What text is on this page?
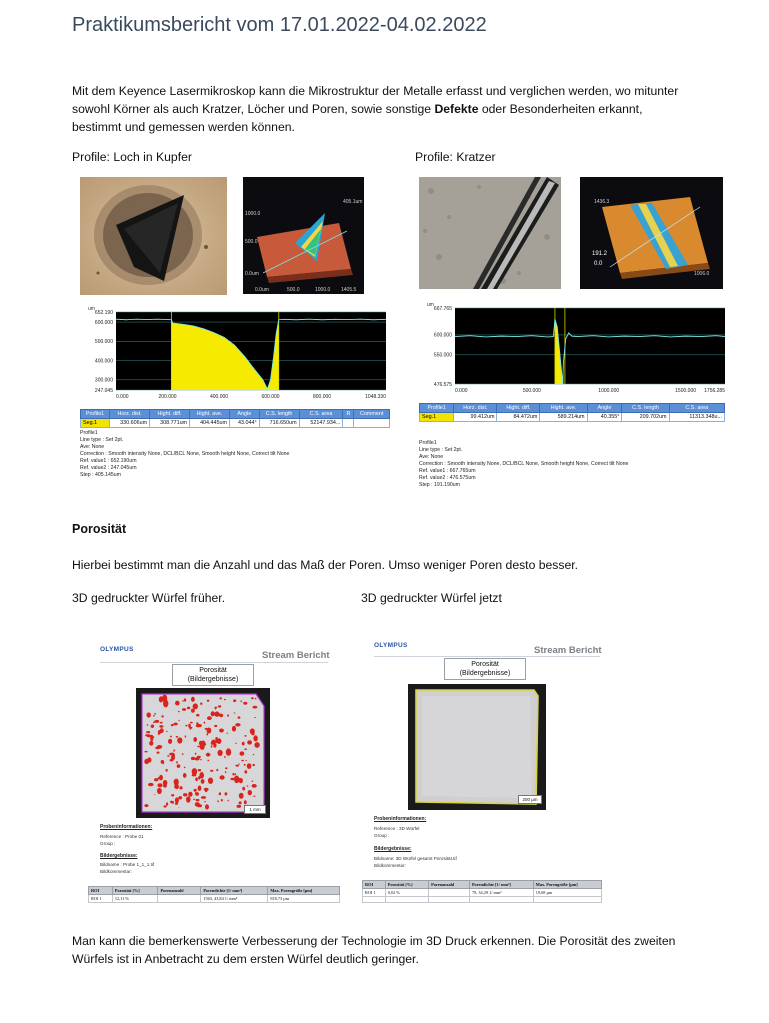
Praktikumsbericht vom 17.01.2022-04.02.2022
Mit dem Keyence Lasermikroskop kann die Mikrostruktur der Metalle erfasst und verglichen werden, wo mitunter sowohl Körner als auch Kratzer, Löcher und Poren, sowie sonstige Defekte oder Besonderheiten erkannt, bestimmt und gemessen werden können.
Profile: Loch in Kupfer	Profile: Kratzer
1000.0
500.0
0.0um
0.0um	500.0	1000.0 1405.5
405.1um
um
652.190
600.000
500.000
400.000
300.000
247.045
0.000	200.000	400.000	600.000	800.000	1048.330
Profile1	Horz. dist.	Hight. diff.	Hight. ave.	Angle	C.S. length	C.S. area	R	Comment
Seg.1	330.606um	308.771um	404.445um	43.044°	716.650um	52147.934...		
Profile1
Line type : Set 2pt.
Ave: None
Correction : Smooth intensity None, DCL/BCL None, Smooth height None, Correct tilt None
Ref. value1 : 652.190um
Ref. value2 : 247.045um
Step : 405.145um
1436.3
191.2
0.0
1006.0
um
667.765
600.000
550.000
476.575
0.000	500.000	1000.000	1500.000 1756.285
Profile1	Horz. dist.	Hight. diff.	Hight. ave.	Angle	C.S. length	C.S. area
Seg.1	99.412um	84.472um	589.214um	40.355°	209.702um	11313.348u...
Profile1
Line type : Set 2pt.
Ave: None
Correction : Smooth intensity None, DCL/BCL None, Smooth height None, Correct tilt None
Ref. value1 : 667.765um
Ref. value2 : 476.575um
Step : 191.190um
Porosität
Hierbei bestimmt man die Anzahl und das Maß der Poren. Umso weniger Poren desto besser.
3D gedruckter Würfel früher.	3D gedruckter Würfel jetzt
OLYMPUS
Stream Bericht
Porosität
(Bildergebnisse)
1 mm
Probeninformationen:
Reference : Probe 01
Group :
Bildergebnisse:
Bildname : Probe 1_1_1.tif
Bildkommentar:
ROI	Porosität [%]	Porenanzahl	Porendichte [1/ mm²]	Max. Porengröße [µm]
ROI 1	12,11 %		1563, 43,84 1/ mm²	818,73 µm
OLYMPUS	Stream Bericht
Porosität
(Bildergebnisse)
200 µm
Probeninformationen:
Reference : 3D Würfel
Group :
Bildergebnisse:
Bildname: 3D Würfel gesamt Porosität.tif
Bildkommentar:
ROI	Porosität [%]	Porenanzahl	Porendichte [1/ mm²]	Max. Porengröße [µm]
ROI 1	0,02 %		79, 34,29 1/ mm²	19,68 µm

Man kann die bemerkenswerte Verbesserung der Technologie im 3D Druck erkennen. Die Porosität des zweiten Würfels ist in Anbetracht zu dem ersten Würfel deutlich geringer.
